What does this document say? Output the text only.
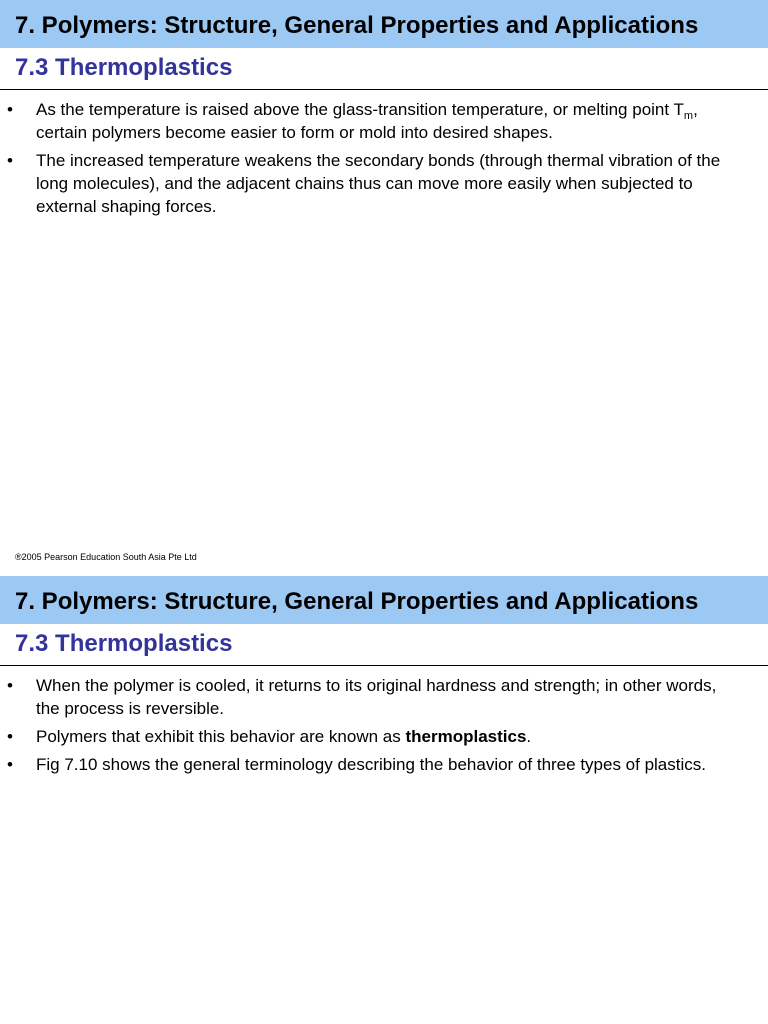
7. Polymers: Structure, General Properties and Applications
7.3 Thermoplastics
• As the temperature is raised above the glass-transition temperature, or melting point $T_m$, certain polymers become easier to form or mold into desired shapes.
• The increased temperature weakens the secondary bonds (through thermal vibration of the long molecules), and the adjacent chains thus can move more easily when subjected to external shaping forces.
®2005 Pearson Education South Asia Pte Ltd
7. Polymers: Structure, General Properties and Applications
7.3 Thermoplastics
• When the polymer is cooled, it returns to its original hardness and strength; in other words, the process is reversible.
• Polymers that exhibit this behavior are known as thermoplastics.
• Fig 7.10 shows the general terminology describing the behavior of three types of plastics.
